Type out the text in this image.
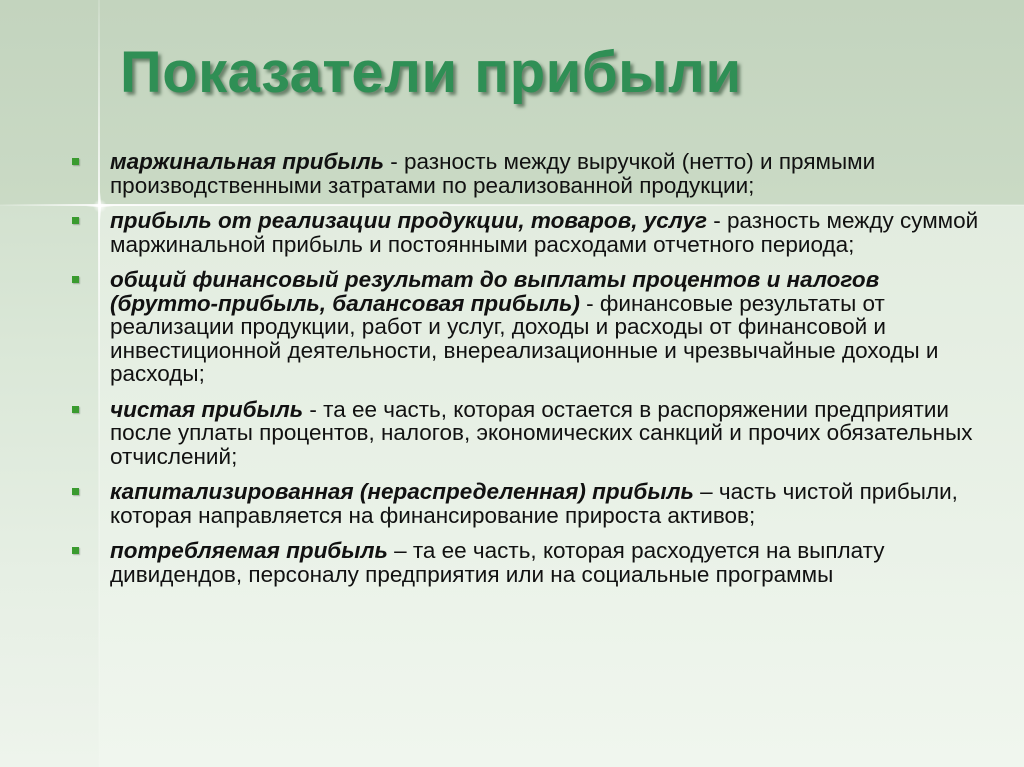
Показатели прибыли
маржинальная прибыль - разность между выручкой (нетто) и прямыми производственными затратами по реализованной продукции;
прибыль от реализации продукции, товаров, услуг - разность между суммой маржинальной прибыль и постоянными расходами отчетного периода;
общий финансовый результат до выплаты процентов и налогов (брутто-прибыль, балансовая прибыль) - финансовые результаты от реализации продукции, работ и услуг, доходы и расходы от финансовой и инвестиционной деятельности, внереализационные и чрезвычайные доходы и расходы;
чистая прибыль - та ее часть, которая остается в распоряжении предприятии после уплаты процентов, налогов, экономических санкций и прочих обязательных отчислений;
капитализированная (нераспределенная) прибыль – часть чистой прибыли, которая направляется на финансирование прироста активов;
потребляемая прибыль – та ее часть, которая расходуется на выплату дивидендов, персоналу предприятия или на социальные программы
